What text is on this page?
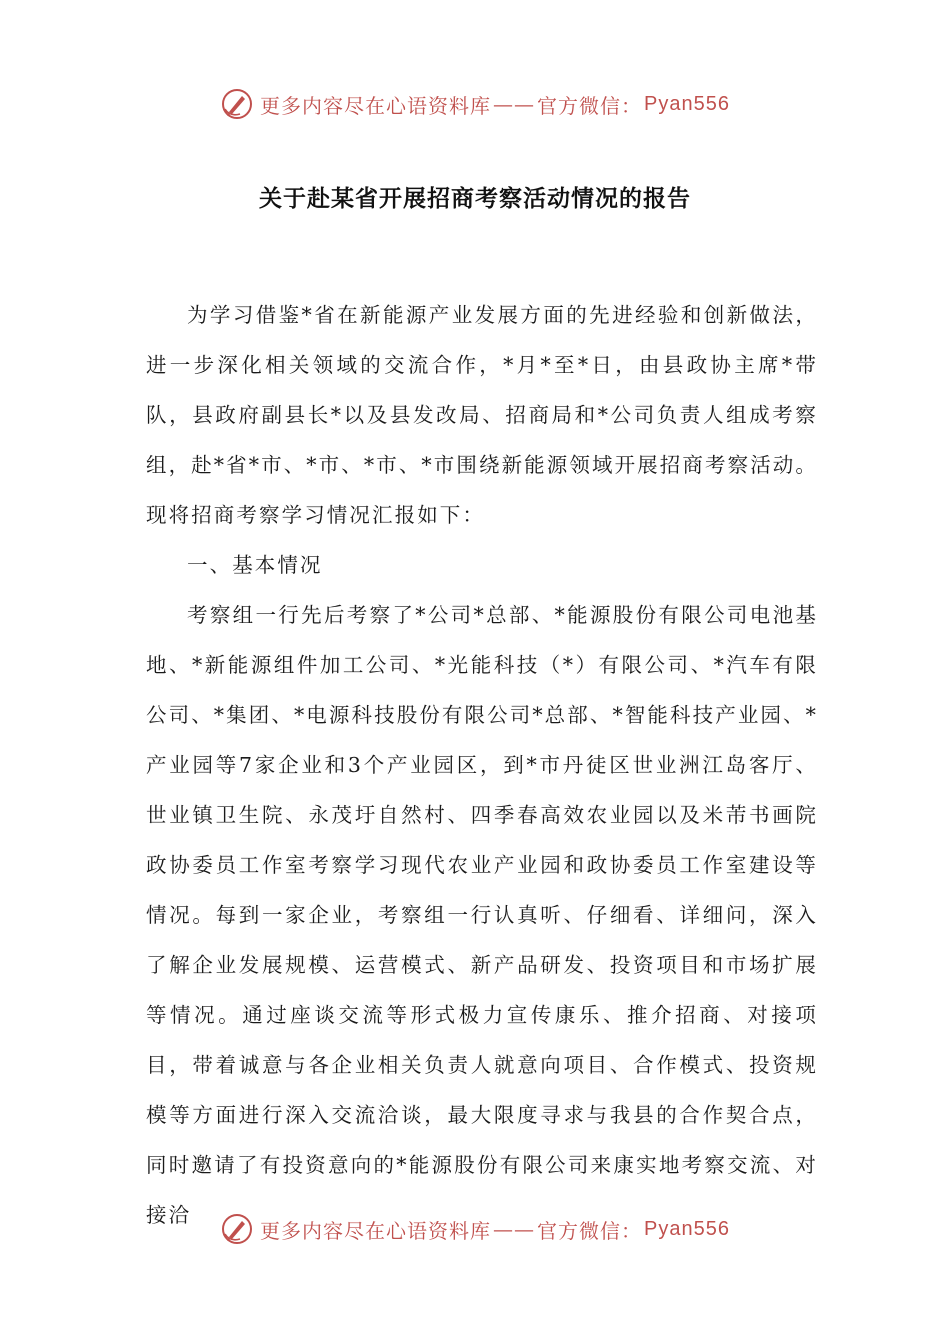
更多内容尽在心语资料库 —— 官方微信： Pyan556
关于赴某省开展招商考察活动情况的报告

为学习借鉴*省在新能源产业发展方面的先进经验和创新做法，进一步深化相关领域的交流合作，*月*至*日，由县政协主席*带队，县政府副县长*以及县发改局、招商局和*公司负责人组成考察组，赴*省*市、*市、*市、*市围绕新能源领域开展招商考察活动。现将招商考察学习情况汇报如下：

一、基本情况

考察组一行先后考察了*公司*总部、*能源股份有限公司电池基地、*新能源组件加工公司、*光能科技（*）有限公司、*汽车有限公司、*集团、*电源科技股份有限公司*总部、*智能科技产业园、*产业园等7家企业和3个产业园区，到*市丹徒区世业洲江岛客厅、世业镇卫生院、永茂圩自然村、四季春高效农业园以及米芾书画院政协委员工作室考察学习现代农业产业园和政协委员工作室建设等情况。每到一家企业，考察组一行认真听、仔细看、详细问，深入了解企业发展规模、运营模式、新产品研发、投资项目和市场扩展等情况。通过座谈交流等形式极力宣传康乐、推介招商、对接项目，带着诚意与各企业相关负责人就意向项目、合作模式、投资规模等方面进行深入交流洽谈，最大限度寻求与我县的合作契合点，同时邀请了有投资意向的*能源股份有限公司来康实地考察交流、对接洽

更多内容尽在心语资料库 —— 官方微信： Pyan556
